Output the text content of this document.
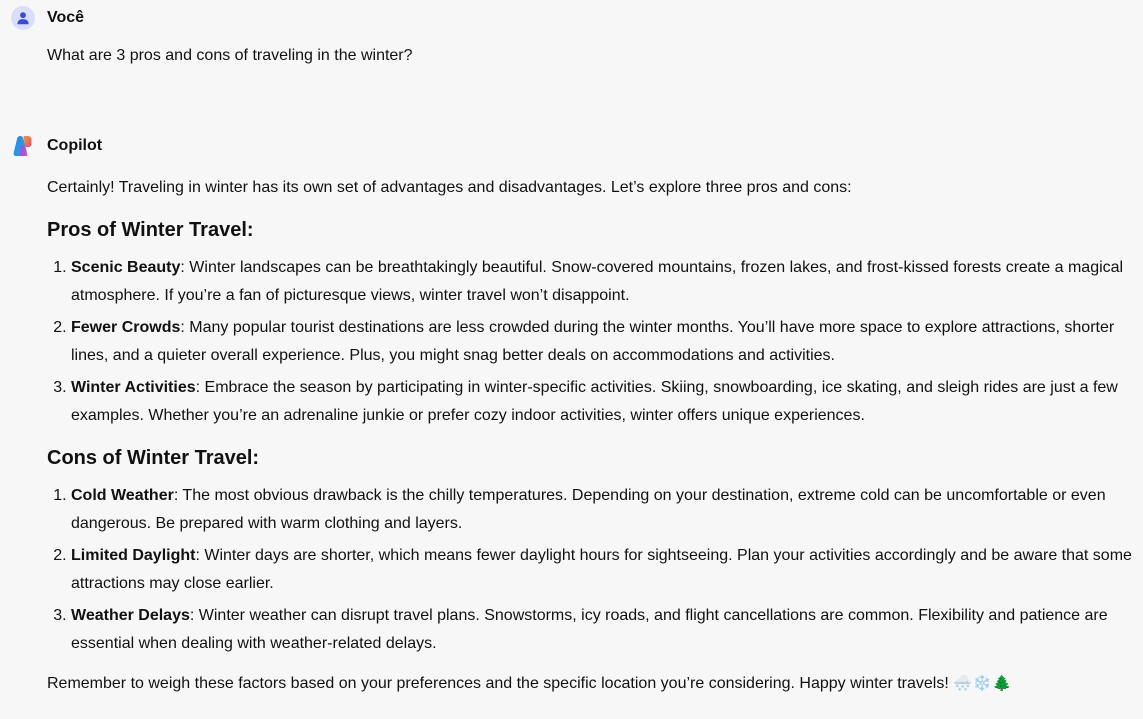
Você

What are 3 pros and cons of traveling in the winter?

Copilot

Certainly! Traveling in winter has its own set of advantages and disadvantages. Let’s explore three pros and cons:

Pros of Winter Travel:
1. Scenic Beauty: Winter landscapes can be breathtakingly beautiful. Snow-covered mountains, frozen lakes, and frost-kissed forests create a magical atmosphere. If you’re a fan of picturesque views, winter travel won’t disappoint.
2. Fewer Crowds: Many popular tourist destinations are less crowded during the winter months. You’ll have more space to explore attractions, shorter lines, and a quieter overall experience. Plus, you might snag better deals on accommodations and activities.
3. Winter Activities: Embrace the season by participating in winter-specific activities. Skiing, snowboarding, ice skating, and sleigh rides are just a few examples. Whether you’re an adrenaline junkie or prefer cozy indoor activities, winter offers unique experiences.
Cons of Winter Travel:
1. Cold Weather: The most obvious drawback is the chilly temperatures. Depending on your destination, extreme cold can be uncomfortable or even dangerous. Be prepared with warm clothing and layers.
2. Limited Daylight: Winter days are shorter, which means fewer daylight hours for sightseeing. Plan your activities accordingly and be aware that some attractions may close earlier.
3. Weather Delays: Winter weather can disrupt travel plans. Snowstorms, icy roads, and flight cancellations are common. Flexibility and patience are essential when dealing with weather-related delays.

Remember to weigh these factors based on your preferences and the specific location you’re considering. Happy winter travels! 🌨️❄️🌲
